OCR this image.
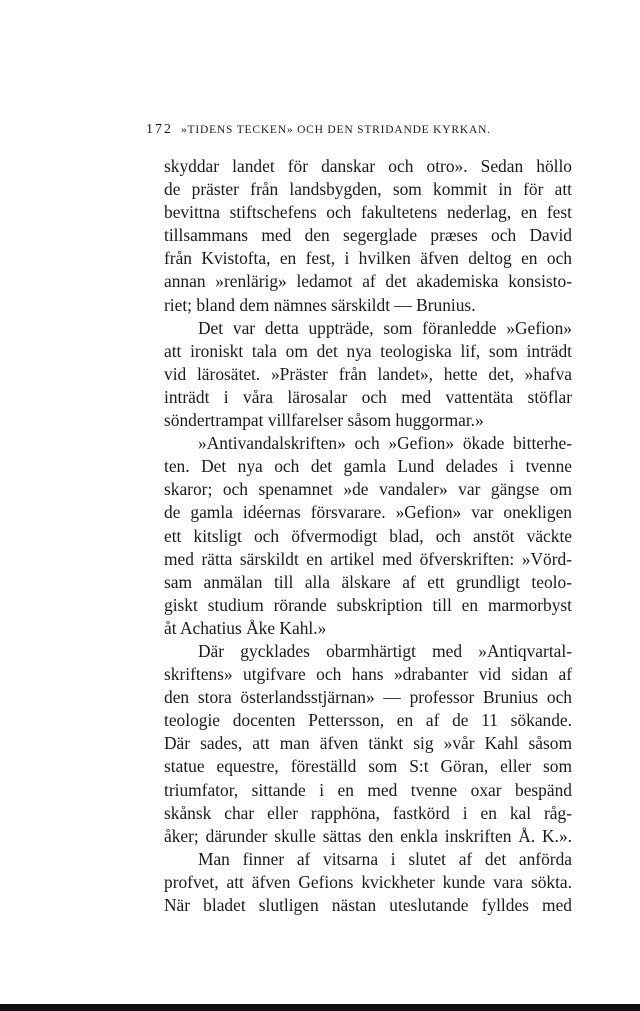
172 »TIDENS TECKEN» OCH DEN STRIDANDE KYRKAN.
skyddar landet för danskar och otro». Sedan höllo
de präster från landsbygden, som kommit in för att
bevittna stiftschefens och fakultetens nederlag, en fest
tillsammans med den segerglade præses och David
från Kvistofta, en fest, i hvilken äfven deltog en och
annan »renlärig» ledamot af det akademiska konsisto-
riet; bland dem nämnes särskildt — Brunius.
Det var detta uppträde, som föranledde »Gefion»
att ironiskt tala om det nya teologiska lif, som inträdt
vid lärosätet. »Präster från landet», hette det, »hafva
inträdt i våra lärosalar och med vattentäta stöflar
söndertrampat villfarelser såsom huggormar.»
»Antivandalskriften» och »Gefion» ökade bitterhe-
ten. Det nya och det gamla Lund delades i tvenne
skaror; och spenamnet »de vandaler» var gängse om
de gamla idéernas försvarare. »Gefion» var onekligen
ett kitsligt och öfvermodigt blad, och anstöt väckte
med rätta särskildt en artikel med öfverskriften: »Vörd-
sam anmälan till alla älskare af ett grundligt teolo-
giskt studium rörande subskription till en marmorbyst
åt Achatius Åke Kahl.»
Där gycklades obarmhärtigt med »Antiqvartal-
skriftens» utgifvare och hans »drabanter vid sidan af
den stora österlandsstjärnan» — professor Brunius och
teologie docenten Pettersson, en af de 11 sökande.
Där sades, att man äfven tänkt sig »vår Kahl såsom
statue equestre, föreställd som S:t Göran, eller som
triumfator, sittande i en med tvenne oxar bespänd
skånsk char eller rapphöna, fastkörd i en kal råg-
åker; därunder skulle sättas den enkla inskriften Å. K.».
Man finner af vitsarna i slutet af det anförda
profvet, att äfven Gefions kvickheter kunde vara sökta.
När bladet slutligen nästan uteslutande fylldes med
